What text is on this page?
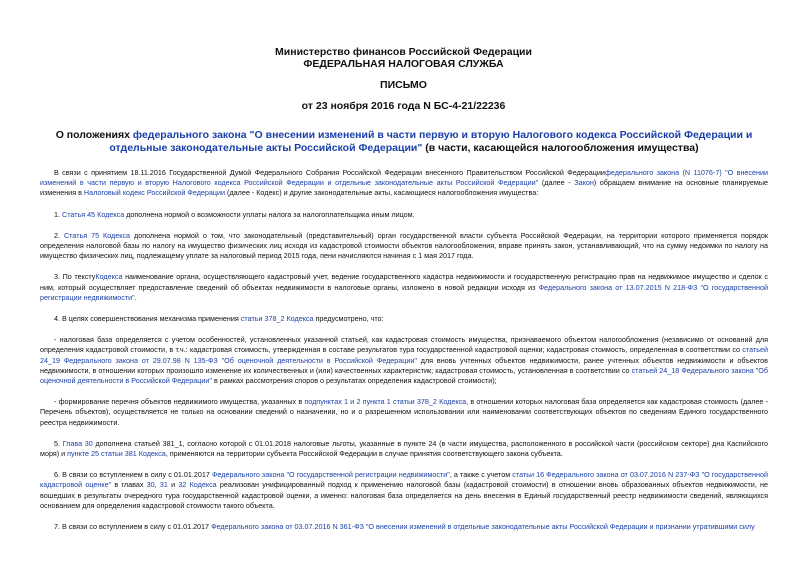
Министерство финансов Российской Федерации
ФЕДЕРАЛЬНАЯ НАЛОГОВАЯ СЛУЖБА
ПИСЬМО
от 23 ноября 2016 года N БС-4-21/22236
О положениях федерального закона "О внесении изменений в части первую и вторую Налогового кодекса Российской Федерации и отдельные законодательные акты Российской Федерации" (в части, касающейся налогообложения имущества)

В связи с принятием 18.11.2016 Государственной Думой Федерального Собрания Российской Федерации внесенного Правительством Российской Федерациифедерального закона (N 11076-7) "О внесении изменений в части первую и вторую Налогового кодекса Российской Федерации и отдельные законодательные акты Российской Федерации" (далее - Закон) обращаем внимание на основные планируемые изменения в Налоговый кодекс Российской Федерации (далее - Кодекс) и другие законодательные акты, касающиеся налогообложения имущества:

1. Статья 45 Кодекса дополнена нормой о возможности уплаты налога за налогоплательщика иным лицом.

2. Статья 75 Кодекса дополнена нормой о том, что законодательный (представительный) орган государственной власти субъекта Российской Федерации, на территории которого применяется порядок определения налоговой базы по налогу на имущество физических лиц исходя из кадастровой стоимости объектов налогообложения, вправе принять закон, устанавливающий, что на сумму недоимки по налогу на имущество физических лиц, подлежащему уплате за налоговый период 2015 года, пени начисляются начиная с 1 мая 2017 года.

3. По текстуКодекса наименование органа, осуществляющего кадастровый учет, ведение государственного кадастра недвижимости и государственную регистрацию прав на недвижимое имущество и сделок с ним, который осуществляет предоставление сведений об объектах недвижимости в налоговые органы, изложено в новой редакции исходя из Федерального закона от 13.07.2015 N 218-ФЗ "О государственной регистрации недвижимости".

4. В целях совершенствования механизма применения статьи 378_2 Кодекса предусмотрено, что:

- налоговая база определяется с учетом особенностей, установленных указанной статьей, как кадастровая стоимость имущества, признаваемого объектом налогообложения (независимо от оснований для определения кадастровой стоимости, в т.ч.: кадастровая стоимость, утвержденная в составе результатов тура государственной кадастровой оценки; кадастровая стоимость, определенная в соответствии со статьей 24_19 Федерального закона от 29.07.98 N 135-ФЗ "Об оценочной деятельности в Российской Федерации" для вновь учтенных объектов недвижимости, ранее учтенных объектов недвижимости и объектов недвижимости, в отношении которых произошло изменение их количественных и (или) качественных характеристик; кадастровая стоимость, установленная в соответствии со статьей 24_18 Федерального закона "Об оценочной деятельности в Российской Федерации" в рамках рассмотрения споров о результатах определения кадастровой стоимости);

- формирование перечня объектов недвижимого имущества, указанных в подпунктах 1 и 2 пункта 1 статьи 378_2 Кодекса, в отношении которых налоговая база определяется как кадастровая стоимость (далее - Перечень объектов), осуществляется не только на основании сведений о назначении, но и о разрешенном использовании или наименовании соответствующих объектов по сведениям Единого государственного реестра недвижимости.

5. Глава 30 дополнена статьей 381_1, согласно которой с 01.01.2018 налоговые льготы, указанные в пункте 24 (в части имущества, расположенного в российской части (российском секторе) дна Каспийского моря) и пункте 25 статьи 381 Кодекса, применяются на территории субъекта Российской Федерации в случае принятия соответствующего закона субъекта.

6. В связи со вступлением в силу с 01.01.2017 Федерального закона "О государственной регистрации недвижимости", а также с учетом статьи 16 Федерального закона от 03.07.2016 N 237-ФЗ "О государственной кадастровой оценке" в главах 30, 31 и 32 Кодекса реализован унифицированный подход к применению налоговой базы (кадастровой стоимости) в отношении вновь образованных объектов недвижимости, не вошедших в результаты очередного тура государственной кадастровой оценки, а именно: налоговая база определяется на день внесения в Единый государственный реестр недвижимости сведений, являющихся основанием для определения кадастровой стоимости такого объекта.

7. В связи со вступлением в силу с 01.01.2017 Федерального закона от 03.07.2016 N 361-ФЗ "О внесении изменений в отдельные законодательные акты Российской Федерации и признании утратившими силу
